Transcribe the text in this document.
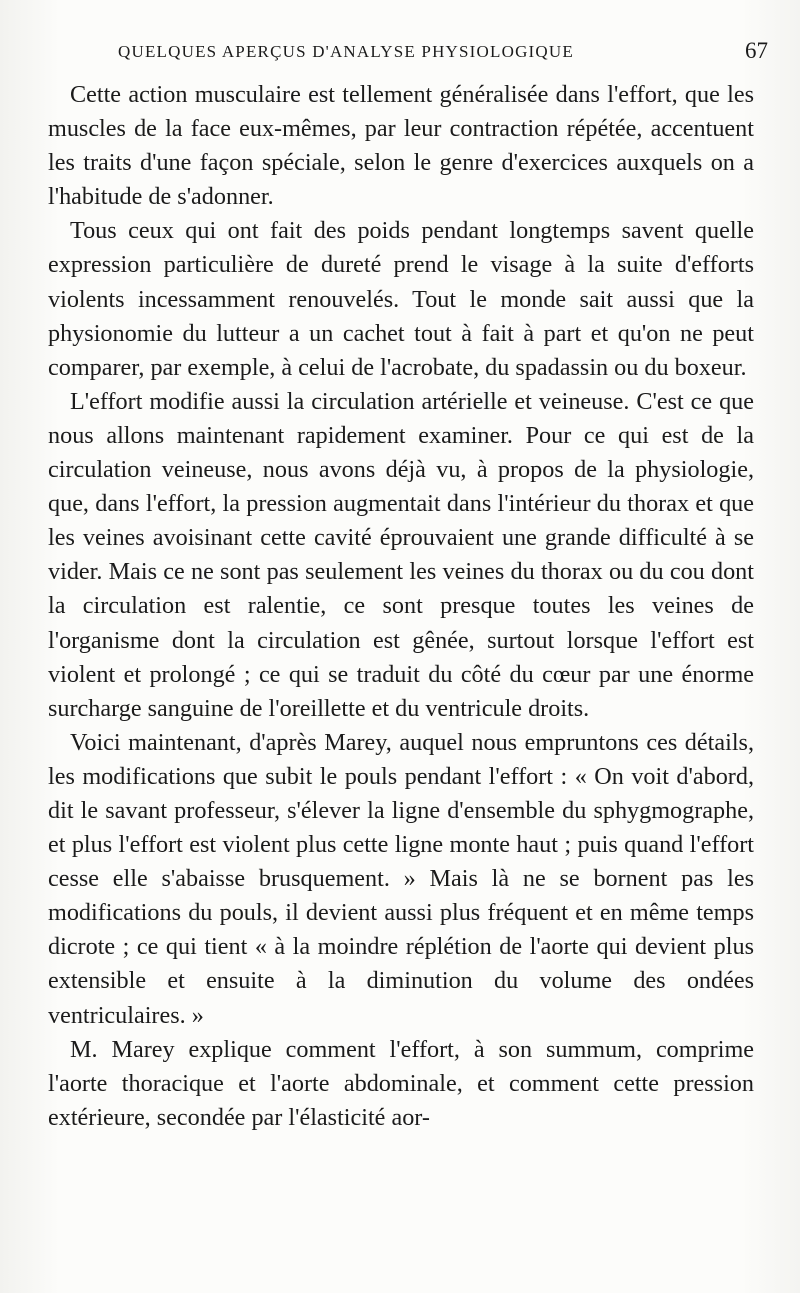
QUELQUES APERÇUS D'ANALYSE PHYSIOLOGIQUE	67

Cette action musculaire est tellement généralisée dans l'effort, que les muscles de la face eux-mêmes, par leur contraction répétée, accentuent les traits d'une façon spéciale, selon le genre d'exercices auxquels on a l'habitude de s'adonner.

Tous ceux qui ont fait des poids pendant longtemps savent quelle expression particulière de dureté prend le visage à la suite d'efforts violents incessamment renouvelés. Tout le monde sait aussi que la physionomie du lutteur a un cachet tout à fait à part et qu'on ne peut comparer, par exemple, à celui de l'acrobate, du spadassin ou du boxeur.

L'effort modifie aussi la circulation artérielle et veineuse. C'est ce que nous allons maintenant rapidement examiner. Pour ce qui est de la circulation veineuse, nous avons déjà vu, à propos de la physiologie, que, dans l'effort, la pression augmentait dans l'intérieur du thorax et que les veines avoisinant cette cavité éprouvaient une grande difficulté à se vider. Mais ce ne sont pas seulement les veines du thorax ou du cou dont la circulation est ralentie, ce sont presque toutes les veines de l'organisme dont la circulation est gênée, surtout lorsque l'effort est violent et prolongé ; ce qui se traduit du côté du cœur par une énorme surcharge sanguine de l'oreillette et du ventricule droits.

Voici maintenant, d'après Marey, auquel nous empruntons ces détails, les modifications que subit le pouls pendant l'effort : « On voit d'abord, dit le savant professeur, s'élever la ligne d'ensemble du sphygmographe, et plus l'effort est violent plus cette ligne monte haut ; puis quand l'effort cesse elle s'abaisse brusquement. » Mais là ne se bornent pas les modifications du pouls, il devient aussi plus fréquent et en même temps dicrote ; ce qui tient « à la moindre réplétion de l'aorte qui devient plus extensible et ensuite à la diminution du volume des ondées ventriculaires. »

M. Marey explique comment l'effort, à son summum, comprime l'aorte thoracique et l'aorte abdominale, et comment cette pression extérieure, secondée par l'élasticité aor-
